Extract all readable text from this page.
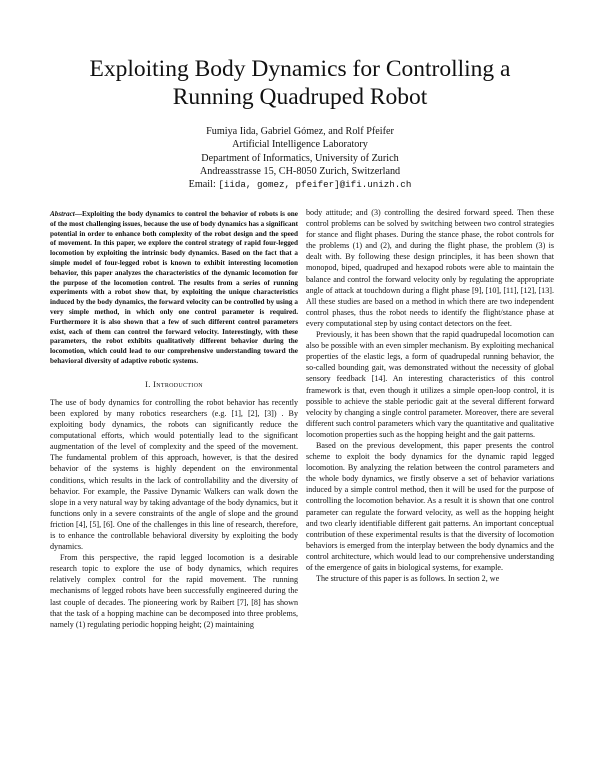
Exploiting Body Dynamics for Controlling a
Running Quadruped Robot
Fumiya Iida, Gabriel Gómez, and Rolf Pfeifer
Artificial Intelligence Laboratory
Department of Informatics, University of Zurich
Andreasstrasse 15, CH-8050 Zurich, Switzerland
Email: [iida, gomez, pfeifer]@ifi.unizh.ch

Abstract—Exploiting the body dynamics to control the behavior of robots is one of the most challenging issues, because the use of body dynamics has a significant potential in order to enhance both complexity of the robot design and the speed of movement. In this paper, we explore the control strategy of rapid four-legged locomotion by exploiting the intrinsic body dynamics. Based on the fact that a simple model of four-legged robot is known to exhibit interesting locomotion behavior, this paper analyzes the characteristics of the dynamic locomotion for the purpose of the locomotion control. The results from a series of running experiments with a robot show that, by exploiting the unique characteristics induced by the body dynamics, the forward velocity can be controlled by using a very simple method, in which only one control parameter is required. Furthermore it is also shown that a few of such different control parameters exist, each of them can control the forward velocity. Interestingly, with these parameters, the robot exhibits qualitatively different behavior during the locomotion, which could lead to our comprehensive understanding toward the behavioral diversity of adaptive robotic systems.

I. Introduction

The use of body dynamics for controlling the robot behavior has recently been explored by many robotics researchers (e.g. [1], [2], [3]) . By exploiting body dynamics, the robots can significantly reduce the computational efforts, which would potentially lead to the significant augmentation of the level of complexity and the speed of the movement. The fundamental problem of this approach, however, is that the desired behavior of the systems is highly dependent on the environmental conditions, which results in the lack of controllability and the diversity of behavior. For example, the Passive Dynamic Walkers can walk down the slope in a very natural way by taking advantage of the body dynamics, but it functions only in a severe constraints of the angle of slope and the ground friction [4], [5], [6]. One of the challenges in this line of research, therefore, is to enhance the controllable behavioral diversity by exploiting the body dynamics.

From this perspective, the rapid legged locomotion is a desirable research topic to explore the use of body dynamics, which requires relatively complex control for the rapid movement. The running mechanisms of legged robots have been successfully engineered during the last couple of decades. The pioneering work by Raibert [7], [8] has shown that the task of a hopping machine can be decomposed into three problems, namely (1) regulating periodic hopping height; (2) maintaining

body attitude; and (3) controlling the desired forward speed. Then these control problems can be solved by switching between two control strategies for stance and flight phases. During the stance phase, the robot controls for the problems (1) and (2), and during the flight phase, the problem (3) is dealt with. By following these design principles, it has been shown that monopod, biped, quadruped and hexapod robots were able to maintain the balance and control the forward velocity only by regulating the appropriate angle of attack at touchdown during a flight phase [9], [10], [11], [12], [13]. All these studies are based on a method in which there are two independent control phases, thus the robot needs to identify the flight/stance phase at every computational step by using contact detectors on the feet.

Previously, it has been shown that the rapid quadrupedal locomotion can also be possible with an even simpler mechanism. By exploiting mechanical properties of the elastic legs, a form of quadrupedal running behavior, the so-called bounding gait, was demonstrated without the necessity of global sensory feedback [14]. An interesting characteristics of this control framework is that, even though it utilizes a simple open-loop control, it is possible to achieve the stable periodic gait at the several different forward velocity by changing a single control parameter. Moreover, there are several different such control parameters which vary the quantitative and qualitative locomotion properties such as the hopping height and the gait patterns.

Based on the previous development, this paper presents the control scheme to exploit the body dynamics for the dynamic rapid legged locomotion. By analyzing the relation between the control parameters and the whole body dynamics, we firstly observe a set of behavior variations induced by a simple control method, then it will be used for the purpose of controlling the locomotion behavior. As a result it is shown that one control parameter can regulate the forward velocity, as well as the hopping height and two clearly identifiable different gait patterns. An important conceptual contribution of these experimental results is that the diversity of locomotion behaviors is emerged from the interplay between the body dynamics and the control architecture, which would lead to our comprehensive understanding of the emergence of gaits in biological systems, for example.

The structure of this paper is as follows. In section 2, we
